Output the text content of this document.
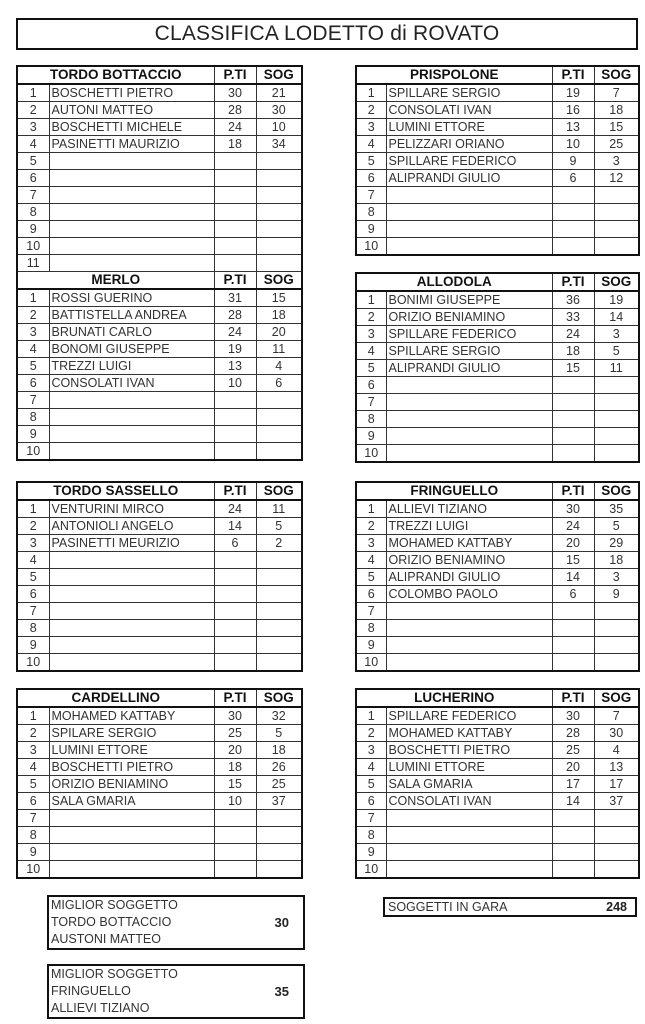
CLASSIFICA LODETTO di ROVATO
TORDO BOTTACCIO		P.TI	SOG
1	BOSCHETTI PIETRO	30	21
2	AUTONI MATTEO	28	30
3	BOSCHETTI MICHELE	24	10
4	PASINETTI MAURIZIO	18	34
5			
6			
7			
8			
9			
10			
11			
MERLO		P.TI	SOG
1	ROSSI GUERINO	31	15
2	BATTISTELLA ANDREA	28	18
3	BRUNATI CARLO	24	20
4	BONOMI GIUSEPPE	19	11
5	TREZZI LUIGI	13	4
6	CONSOLATI IVAN	10	6
7			
8			
9			
10			
PRISPOLONE		P.TI	SOG
1	SPILLARE SERGIO	19	7
2	CONSOLATI IVAN	16	18
3	LUMINI ETTORE	13	15
4	PELIZZARI ORIANO	10	25
5	SPILLARE FEDERICO	9	3
6	ALIPRANDI GIULIO	6	12
7			
8			
9			
10			
ALLODOLA		P.TI	SOG
1	BONIMI GIUSEPPE	36	19
2	ORIZIO BENIAMINO	33	14
3	SPILLARE FEDERICO	24	3
4	SPILLARE SERGIO	18	5
5	ALIPRANDI GIULIO	15	11
6			
7			
8			
9			
10			
TORDO SASSELLO		P.TI	SOG
1	VENTURINI MIRCO	24	11
2	ANTONIOLI ANGELO	14	5
3	PASINETTI MEURIZIO	6	2
4			
5			
6			
7			
8			
9			
10			
FRINGUELLO		P.TI	SOG
1	ALLIEVI TIZIANO	30	35
2	TREZZI LUIGI	24	5
3	MOHAMED KATTABY	20	29
4	ORIZIO BENIAMINO	15	18
5	ALIPRANDI GIULIO	14	3
6	COLOMBO PAOLO	6	9
7			
8			
9			
10			
CARDELLINO		P.TI	SOG
1	MOHAMED KATTABY	30	32
2	SPILARE SERGIO	25	5
3	LUMINI ETTORE	20	18
4	BOSCHETTI PIETRO	18	26
5	ORIZIO BENIAMINO	15	25
6	SALA GMARIA	10	37
7			
8			
9			
10			
LUCHERINO		P.TI	SOG
1	SPILLARE FEDERICO	30	7
2	MOHAMED KATTABY	28	30
3	BOSCHETTI PIETRO	25	4
4	LUMINI ETTORE	20	13
5	SALA GMARIA	17	17
6	CONSOLATI IVAN	14	37
7			
8			
9			
10			
MIGLIOR SOGGETTO
TORDO BOTTACCIO
AUSTONI MATTEO
30
MIGLIOR SOGGETTO
FRINGUELLO
ALLIEVI TIZIANO
35
SOGGETTI IN GARA	248
